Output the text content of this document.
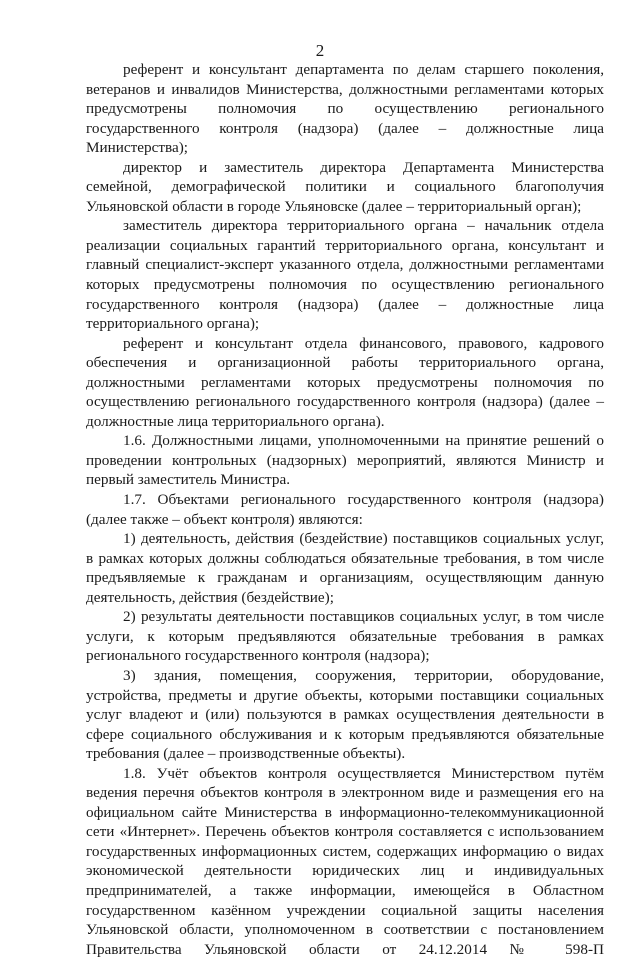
2

референт и консультант департамента по делам старшего поколения, ветеранов и инвалидов Министерства, должностными регламентами которых предусмотрены полномочия по осуществлению регионального государственного контроля (надзора) (далее – должностные лица Министерства);

директор и заместитель директора Департамента Министерства семейной, демографической политики и социального благополучия Ульяновской области в городе Ульяновске (далее – территориальный орган);

заместитель директора территориального органа – начальник отдела реализации социальных гарантий территориального органа, консультант и главный специалист-эксперт указанного отдела, должностными регламентами которых предусмотрены полномочия по осуществлению регионального государственного контроля (надзора) (далее – должностные лица территориального органа);

референт и консультант отдела финансового, правового, кадрового обеспечения и организационной работы территориального органа, должностными регламентами которых предусмотрены полномочия по осуществлению регионального государственного контроля (надзора) (далее – должностные лица территориального органа).

1.6. Должностными лицами, уполномоченными на принятие решений о проведении контрольных (надзорных) мероприятий, являются Министр и первый заместитель Министра.

1.7. Объектами регионального государственного контроля (надзора) (далее также – объект контроля) являются:

1) деятельность, действия (бездействие) поставщиков социальных услуг, в рамках которых должны соблюдаться обязательные требования, в том числе предъявляемые к гражданам и организациям, осуществляющим данную деятельность, действия (бездействие);

2) результаты деятельности поставщиков социальных услуг, в том числе услуги, к которым предъявляются обязательные требования в рамках регионального государственного контроля (надзора);

3) здания, помещения, сооружения, территории, оборудование, устройства, предметы и другие объекты, которыми поставщики социальных услуг владеют и (или) пользуются в рамках осуществления деятельности в сфере социального обслуживания и к которым предъявляются обязательные требования (далее – производственные объекты).

1.8. Учёт объектов контроля осуществляется Министерством путём ведения перечня объектов контроля в электронном виде и размещения его на официальном сайте Министерства в информационно-телекоммуникационной сети «Интернет». Перечень объектов контроля составляется с использованием государственных информационных систем, содержащих информацию о видах экономической деятельности юридических лиц и индивидуальных предпринимателей, а также информации, имеющейся в Областном государственном казённом учреждении социальной защиты населения Ульяновской области, уполномоченном в соответствии с постановлением Правительства Ульяновской области от 24.12.2014 № 598-П
